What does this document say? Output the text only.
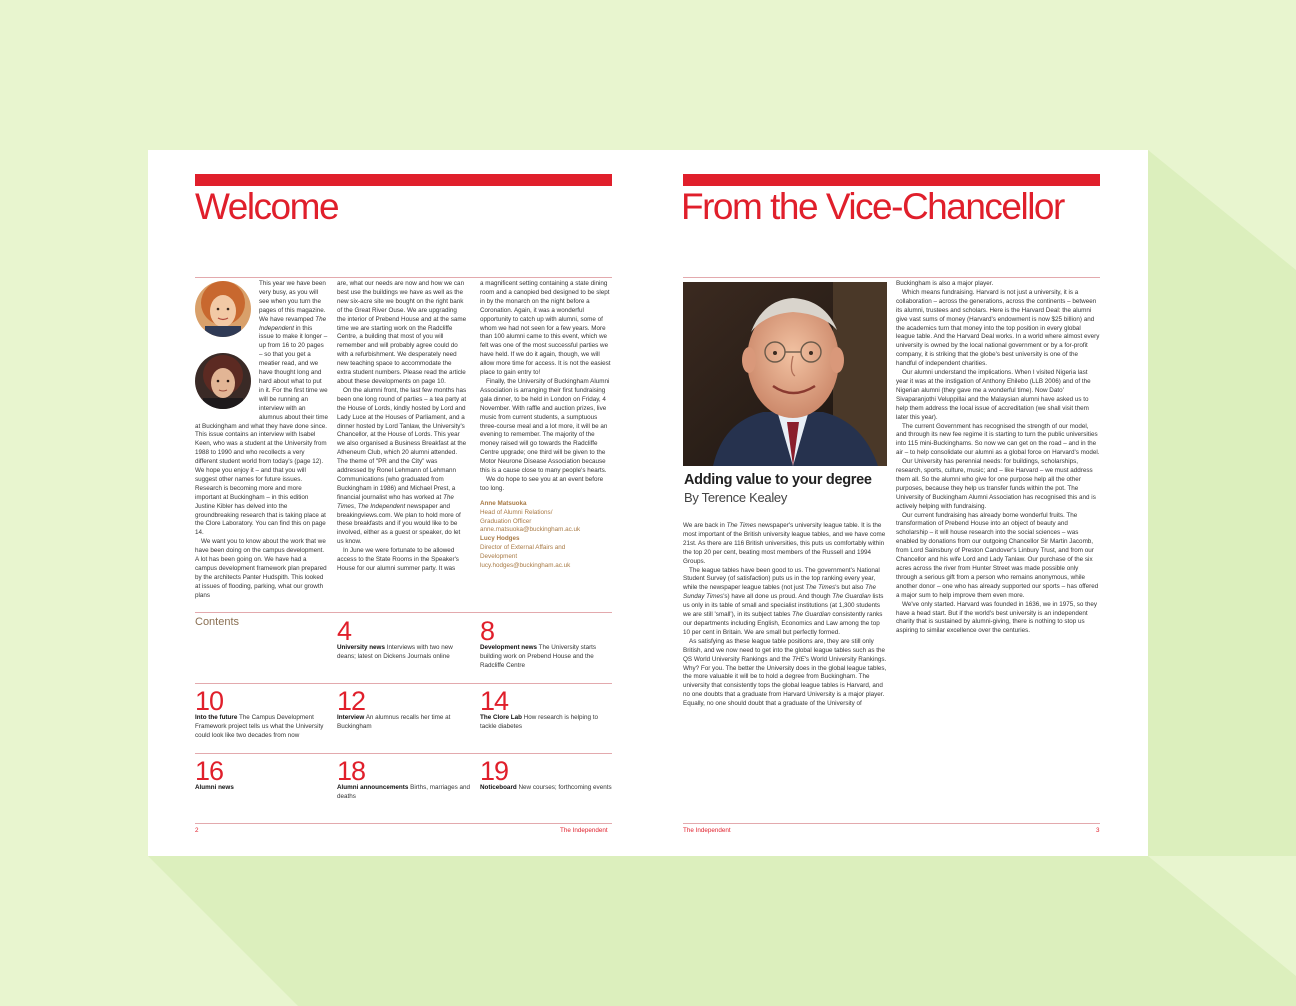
Welcome

This year we have been very busy, as you will see when you turn the pages of this magazine. We have revamped The Independent in this issue to make it longer – up from 16 to 20 pages – so that you get a meatier read, and we have thought long and hard about what to put in it. For the first time we will be running an interview with an alumnus about their time at Buckingham and what they have done since. This issue contains an interview with Isabel Keen, who was a student at the University from 1988 to 1990 and who recollects a very different student world from today's (page 12). We hope you enjoy it – and that you will suggest other names for future issues. Research is becoming more and more important at Buckingham – in this edition Justine Kibler has delved into the groundbreaking research that is taking place at the Clore Laboratory. You can find this on page 14.

We want you to know about the work that we have been doing on the campus development. A lot has been going on. We have had a campus development framework plan prepared by the architects Panter Hudspith. This looked at issues of flooding, parking, what our growth plans

are, what our needs are now and how we can best use the buildings we have as well as the new six-acre site we bought on the right bank of the Great River Ouse. We are upgrading the interior of Prebend House and at the same time we are starting work on the Radcliffe Centre, a building that most of you will remember and will probably agree could do with a refurbishment. We desperately need new teaching space to accommodate the extra student numbers. Please read the article about these developments on page 10.

On the alumni front, the last few months has been one long round of parties – a tea party at the House of Lords, kindly hosted by Lord and Lady Luce at the Houses of Parliament, and a dinner hosted by Lord Tanlaw, the University's Chancellor, at the House of Lords. This year we also organised a Business Breakfast at the Atheneum Club, which 20 alumni attended. The theme of "PR and the City" was addressed by Ronel Lehmann of Lehmann Communications (who graduated from Buckingham in 1986) and Michael Prest, a financial journalist who has worked at The Times, The Independent newspaper and breakingviews.com. We plan to hold more of these breakfasts and if you would like to be involved, either as a guest or speaker, do let us know.

In June we were fortunate to be allowed access to the State Rooms in the Speaker's House for our alumni summer party. It was

a magnificent setting containing a state dining room and a canopied bed designed to be slept in by the monarch on the night before a Coronation. Again, it was a wonderful opportunity to catch up with alumni, some of whom we had not seen for a few years. More than 100 alumni came to this event, which we felt was one of the most successful parties we have held. If we do it again, though, we will allow more time for access. It is not the easiest place to gain entry to!

Finally, the University of Buckingham Alumni Association is arranging their first fundraising gala dinner, to be held in London on Friday, 4 November. With raffle and auction prizes, live music from current students, a sumptuous three-course meal and a lot more, it will be an evening to remember. The majority of the money raised will go towards the Radcliffe Centre upgrade; one third will be given to the Motor Neurone Disease Association because this is a cause close to many people's hearts.

We do hope to see you at an event before too long.

Anne Matsuoka
Head of Alumni Relations/
Graduation Officer
anne.matsuoka@buckingham.ac.uk
Lucy Hodges
Director of External Affairs and
Development
lucy.hodges@buckingham.ac.uk
Contents	4
University news Interviews with two new deans; latest on Dickens Journals online
8
Development news The University starts building work on Prebend House and the Radcliffe Centre
10
Into the future The Campus Development Framework project tells us what the University could look like two decades from now
12
Interview An alumnus recalls her time at Buckingham
14
The Clore Lab How research is helping to tackle diabetes
16
Alumni news
18
Alumni announcements Births, marriages and deaths
19
Noticeboard New courses; forthcoming events
2	The Independent
From the Vice-Chancellor
Adding value to your degree
By Terence Kealey

We are back in The Times newspaper's university league table. It is the most important of the British university league tables, and we have come 21st. As there are 116 British universities, this puts us comfortably within the top 20 per cent, beating most members of the Russell and 1994 Groups.

The league tables have been good to us. The government's National Student Survey (of satisfaction) puts us in the top ranking every year, while the newspaper league tables (not just The Times's but also The Sunday Times's) have all done us proud. And though The Guardian lists us only in its table of small and specialist institutions (at 1,300 students we are still 'small'), in its subject tables The Guardian consistently ranks our departments including English, Economics and Law among the top 10 per cent in Britain. We are small but perfectly formed.

As satisfying as these league table positions are, they are still only British, and we now need to get into the global league tables such as the QS World University Rankings and the THE's World University Rankings. Why? For you. The better the University does in the global league tables, the more valuable it will be to hold a degree from Buckingham. The university that consistently tops the global league tables is Harvard, and no one doubts that a graduate from Harvard University is a major player. Equally, no one should doubt that a graduate of the University of

Buckingham is also a major player.

Which means fundraising. Harvard is not just a university, it is a collaboration – across the generations, across the continents – between its alumni, trustees and scholars. Here is the Harvard Deal: the alumni give vast sums of money (Harvard's endowment is now $25 billion) and the academics turn that money into the top position in every global league table. And the Harvard Deal works. In a world where almost every university is owned by the local national government or by a for-profit company, it is striking that the globe's best university is one of the handful of independent charities.

Our alumni understand the implications. When I visited Nigeria last year it was at the instigation of Anthony Ehilebo (LLB 2006) and of the Nigerian alumni (they gave me a wonderful time). Now Dato' Sivaparanjothi Veluppillai and the Malaysian alumni have asked us to help them address the local issue of accreditation (we shall visit them later this year).

The current Government has recognised the strength of our model, and through its new fee regime it is starting to turn the public universities into 115 mini-Buckinghams. So now we can get on the road – and in the air – to help consolidate our alumni as a global force on Harvard's model.

Our University has perennial needs: for buildings, scholarships, research, sports, culture, music; and – like Harvard – we must address them all. So the alumni who give for one purpose help all the other purposes, because they help us transfer funds within the pot. The University of Buckingham Alumni Association has recognised this and is actively helping with fundraising.

Our current fundraising has already borne wonderful fruits. The transformation of Prebend House into an object of beauty and scholarship – it will house research into the social sciences – was enabled by donations from our outgoing Chancellor Sir Martin Jacomb, from Lord Sainsbury of Preston Candover's Linbury Trust, and from our Chancellor and his wife Lord and Lady Tanlaw. Our purchase of the six acres across the river from Hunter Street was made possible only through a serious gift from a person who remains anonymous, while another donor – one who has already supported our sports – has offered a major sum to help improve them even more.

We've only started. Harvard was founded in 1636, we in 1975, so they have a head start. But if the world's best university is an independent charity that is sustained by alumni-giving, there is nothing to stop us aspiring to similar excellence over the centuries.

The Independent	3
